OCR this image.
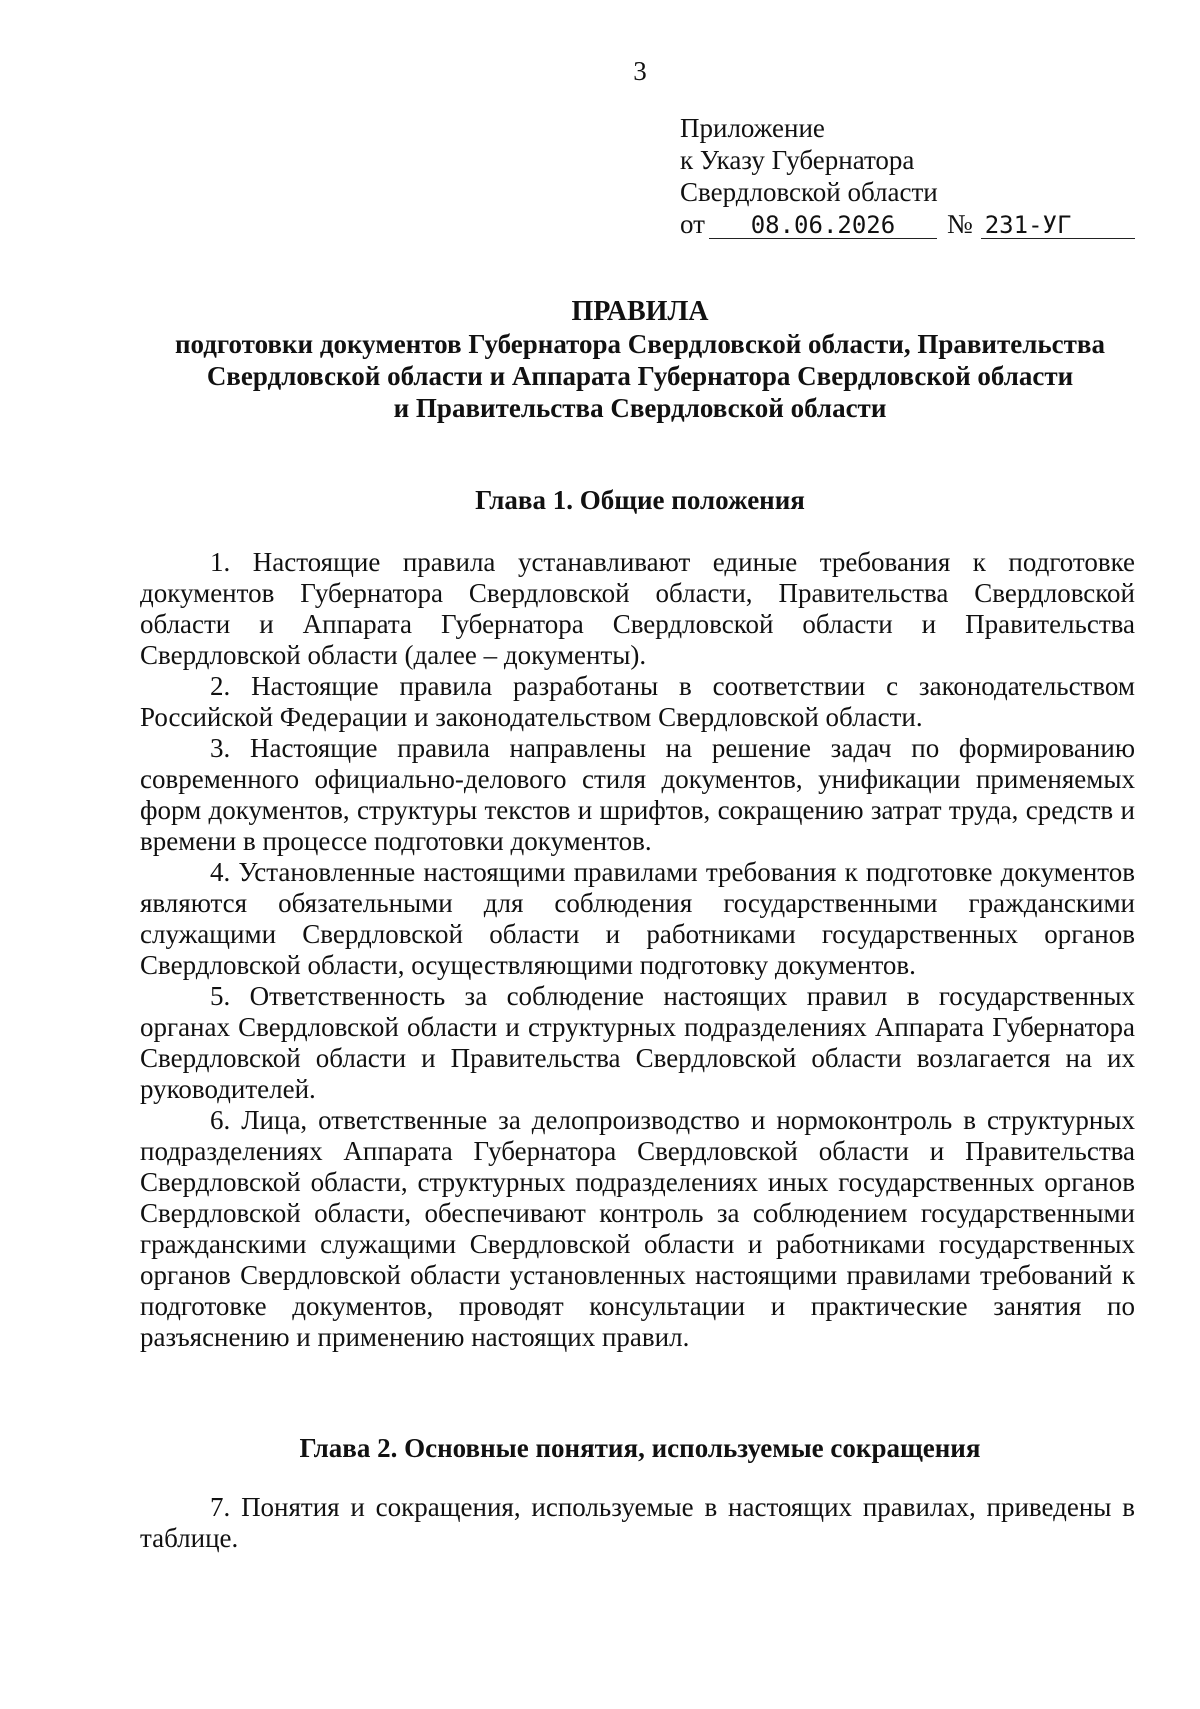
3
Приложение
к Указу Губернатора
Свердловской области
от 08.06.2026 № 231-УГ
ПРАВИЛА
подготовки документов Губернатора Свердловской области, Правительства
Свердловской области и Аппарата Губернатора Свердловской области
и Правительства Свердловской области
Глава 1. Общие положения

1. Настоящие правила устанавливают единые требования к подготовке документов Губернатора Свердловской области, Правительства Свердловской области и Аппарата Губернатора Свердловской области и Правительства Свердловской области (далее – документы).

2. Настоящие правила разработаны в соответствии с законодательством Российской Федерации и законодательством Свердловской области.

3. Настоящие правила направлены на решение задач по формированию современного официально-делового стиля документов, унификации применяемых форм документов, структуры текстов и шрифтов, сокращению затрат труда, средств и времени в процессе подготовки документов.

4. Установленные настоящими правилами требования к подготовке документов являются обязательными для соблюдения государственными гражданскими служащими Свердловской области и работниками государственных органов Свердловской области, осуществляющими подготовку документов.

5. Ответственность за соблюдение настоящих правил в государственных органах Свердловской области и структурных подразделениях Аппарата Губернатора Свердловской области и Правительства Свердловской области возлагается на их руководителей.

6. Лица, ответственные за делопроизводство и нормоконтроль в структурных подразделениях Аппарата Губернатора Свердловской области и Правительства Свердловской области, структурных подразделениях иных государственных органов Свердловской области, обеспечивают контроль за соблюдением государственными гражданскими служащими Свердловской области и работниками государственных органов Свердловской области установленных настоящими правилами требований к подготовке документов, проводят консультации и практические занятия по разъяснению и применению настоящих правил.

Глава 2. Основные понятия, используемые сокращения

7. Понятия и сокращения, используемые в настоящих правилах, приведены в таблице.
